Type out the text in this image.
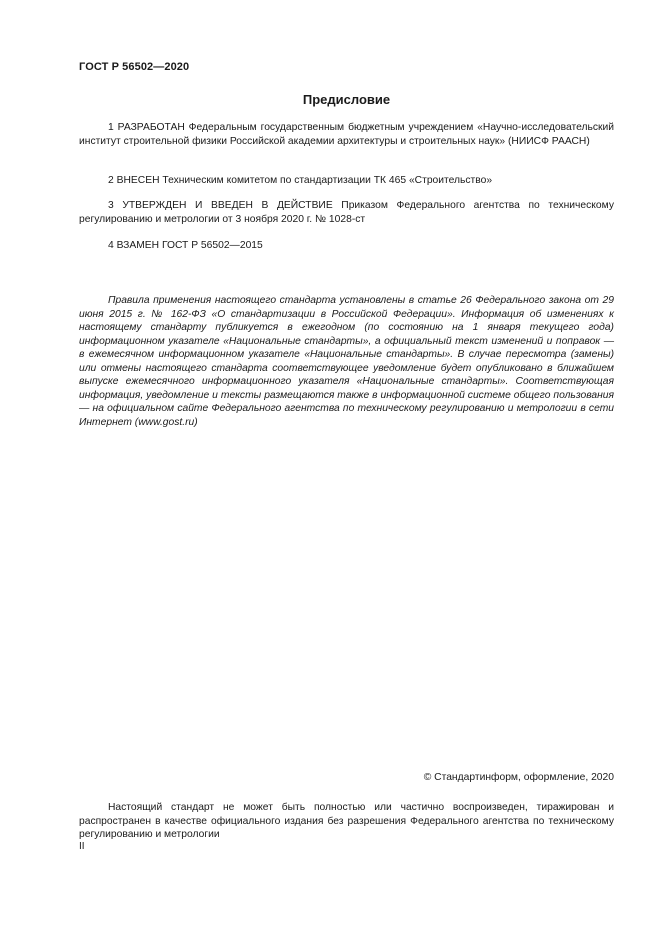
ГОСТ Р 56502—2020
Предисловие

1 РАЗРАБОТАН Федеральным государственным бюджетным учреждением «Научно-исследовательский институт строительной физики Российской академии архитектуры и строительных наук» (НИИСФ РААСН)

2 ВНЕСЕН Техническим комитетом по стандартизации ТК 465 «Строительство»

3 УТВЕРЖДЕН И ВВЕДЕН В ДЕЙСТВИЕ Приказом Федерального агентства по техническому регулированию и метрологии от 3 ноября 2020 г. № 1028-ст

4 ВЗАМЕН ГОСТ Р 56502—2015

Правила применения настоящего стандарта установлены в статье 26 Федерального закона от 29 июня 2015 г. № 162-ФЗ «О стандартизации в Российской Федерации». Информация об изменениях к настоящему стандарту публикуется в ежегодном (по состоянию на 1 января текущего года) информационном указателе «Национальные стандарты», а официальный текст изменений и поправок — в ежемесячном информационном указателе «Национальные стандарты». В случае пересмотра (замены) или отмены настоящего стандарта соответствующее уведомление будет опубликовано в ближайшем выпуске ежемесячного информационного указателя «Национальные стандарты». Соответствующая информация, уведомление и тексты размещаются также в информационной системе общего пользования — на официальном сайте Федерального агентства по техническому регулированию и метрологии в сети Интернет (www.gost.ru)

© Стандартинформ, оформление, 2020

Настоящий стандарт не может быть полностью или частично воспроизведен, тиражирован и распространен в качестве официального издания без разрешения Федерального агентства по техническому регулированию и метрологии

II
